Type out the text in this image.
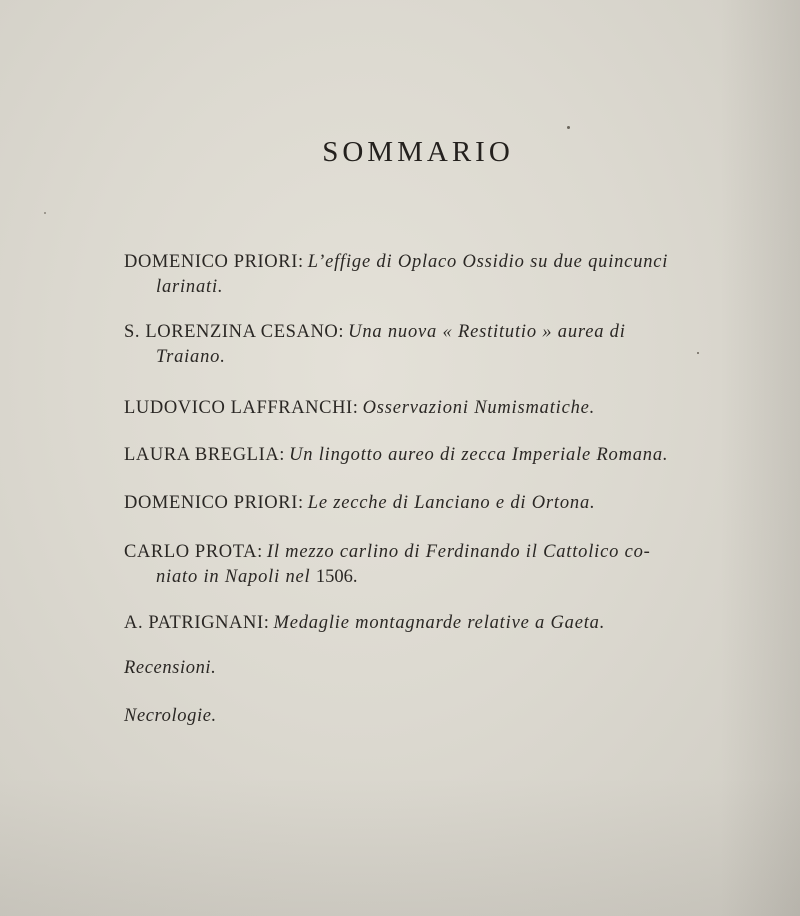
SOMMARIO
DOMENICO PRIORI: L’effige di Oplaco Ossidio su due quincunci
larinati.
S. LORENZINA CESANO: Una nuova « Restitutio » aurea di
Traiano.
LUDOVICO LAFFRANCHI: Osservazioni Numismatiche.
LAURA BREGLIA: Un lingotto aureo di zecca Imperiale Romana.
DOMENICO PRIORI: Le zecche di Lanciano e di Ortona.
CARLO PROTA: Il mezzo carlino di Ferdinando il Cattolico co-
niato in Napoli nel 1506.
A. PATRIGNANI: Medaglie montagnarde relative a Gaeta.
Recensioni.
Necrologie.
